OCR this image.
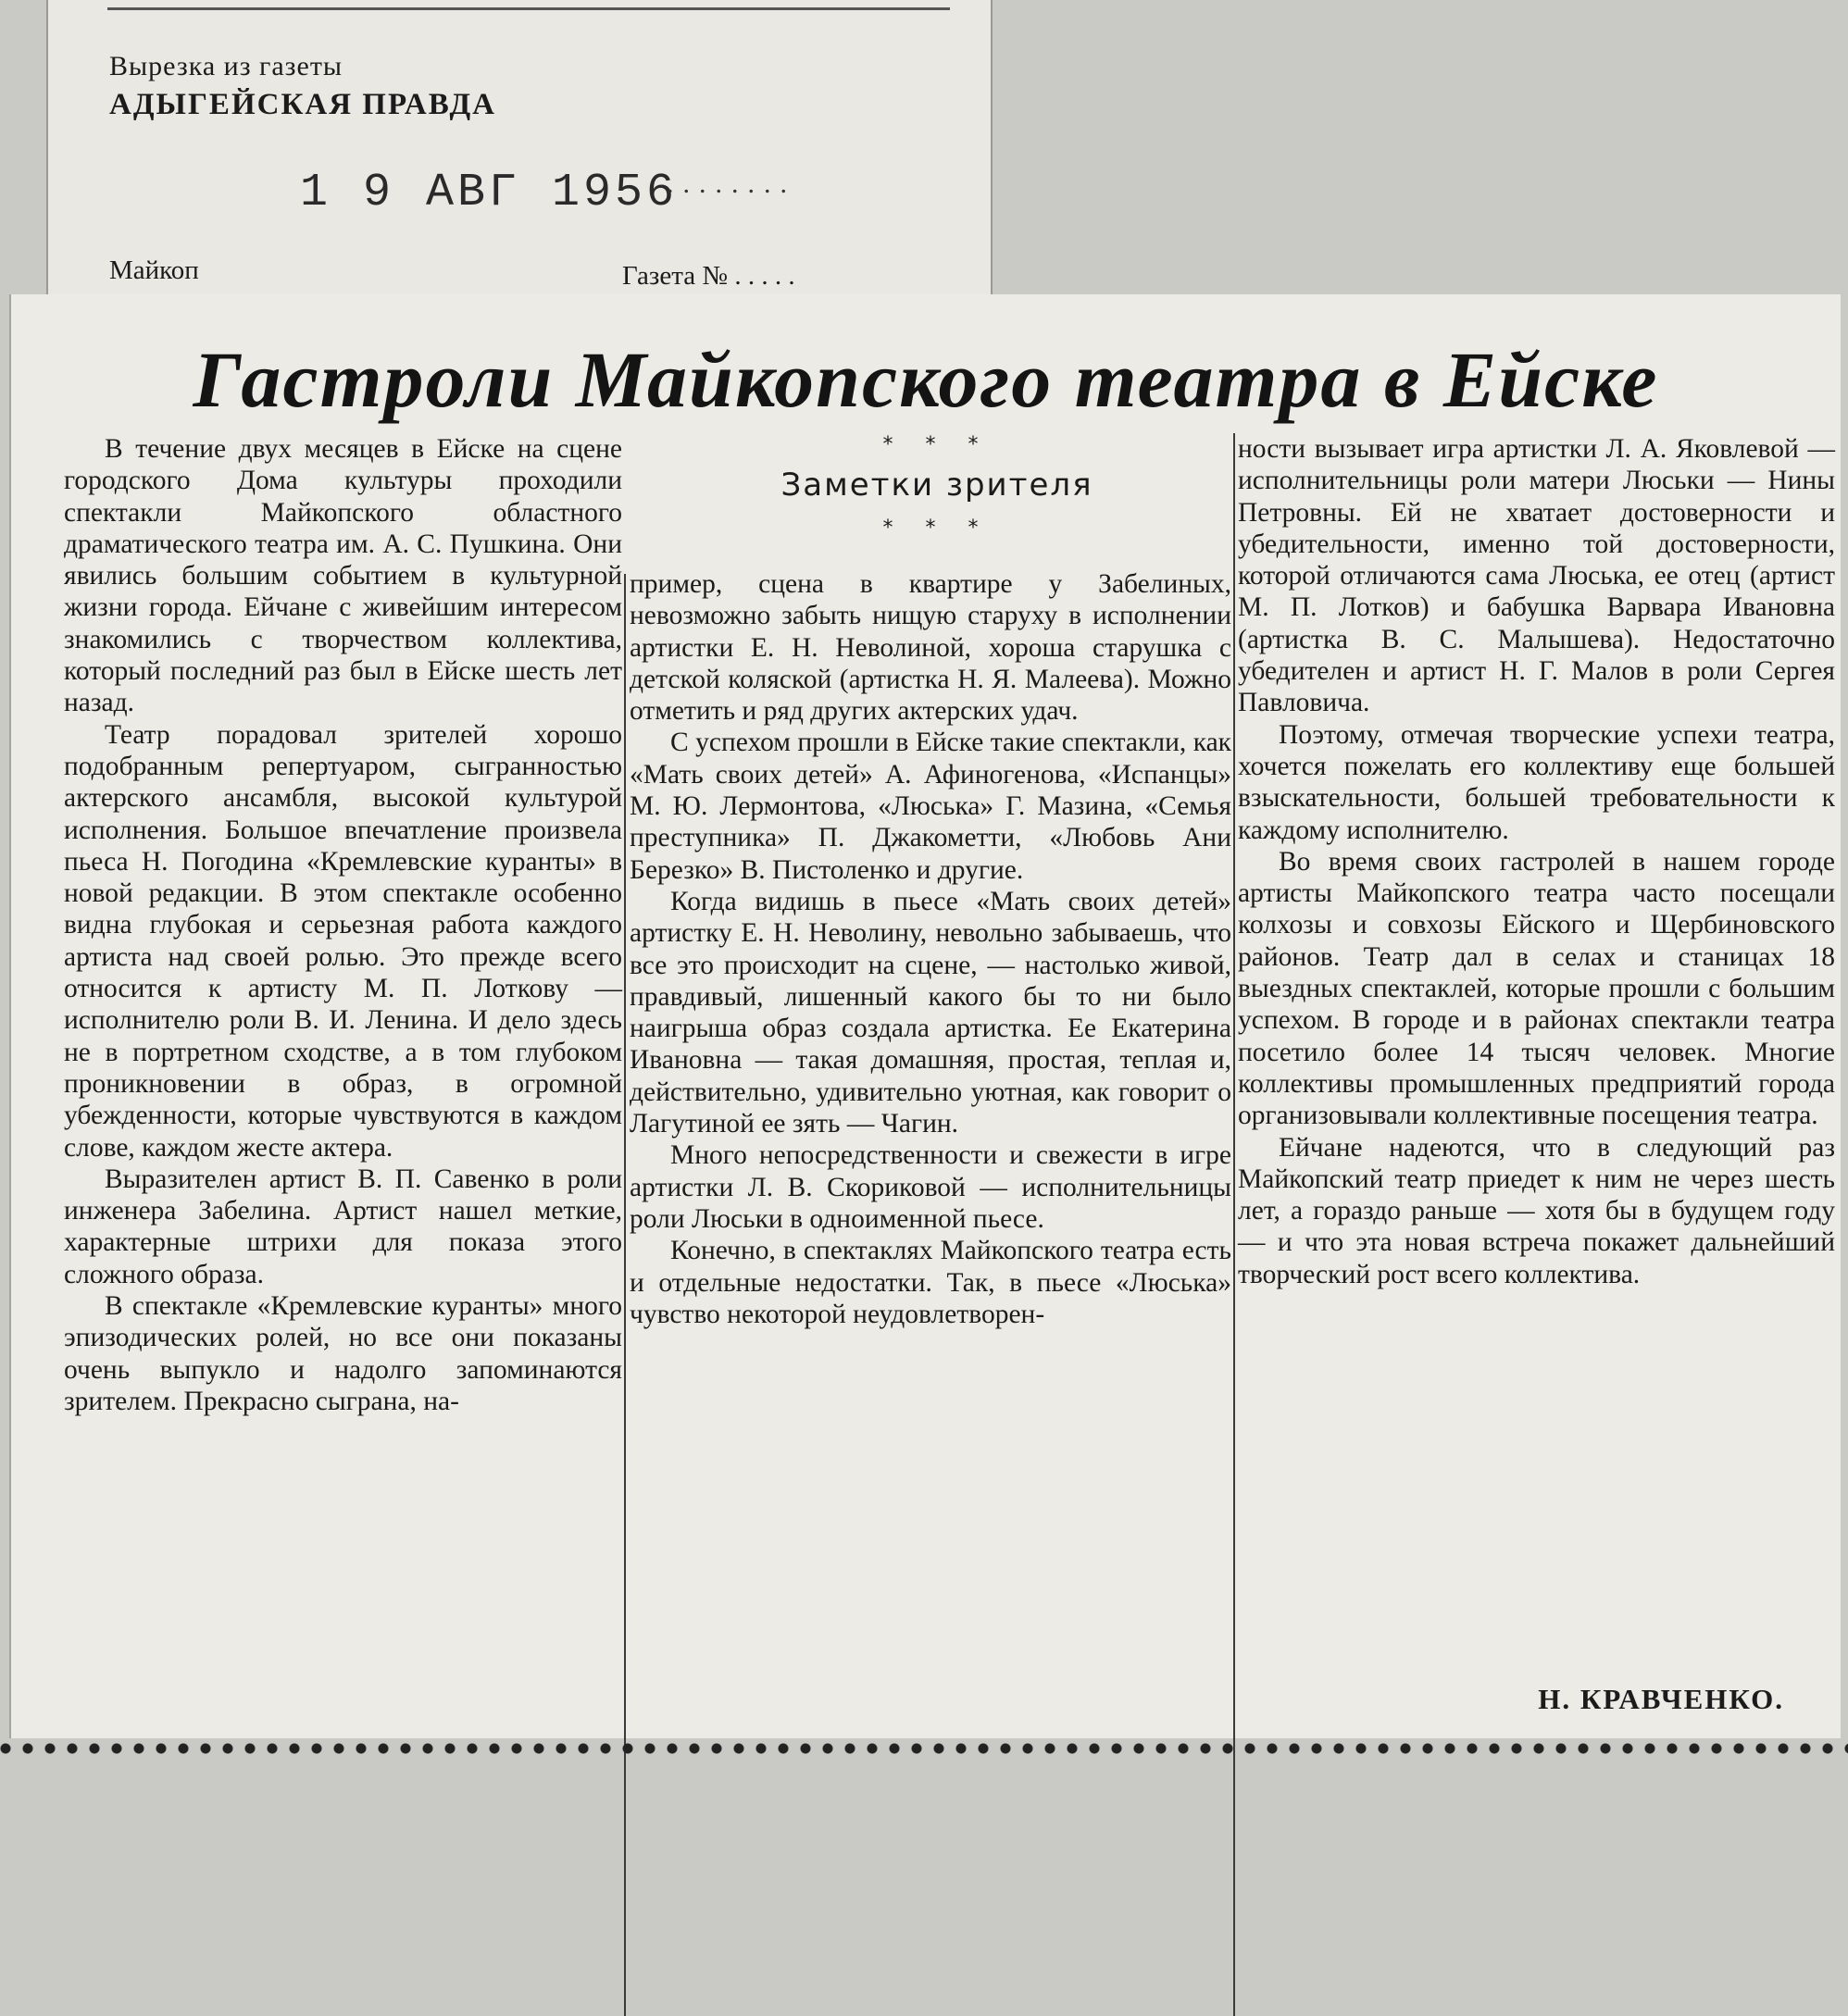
Вырезка из газеты
АДЫГЕЙСКАЯ ПРАВДА
1 9 АВГ 1956
........
Майкоп	Газета № . . . . .
Гастроли Майкопского театра в Ейске
* * *
Заметки зрителя
* * *

В течение двух месяцев в Ейске на сцене городского Дома культуры проходили спектакли Майкопского областного драматического театра им. А. С. Пушкина. Они явились большим событием в культурной жизни города. Ейчане с живейшим интересом знакомились с творчеством коллектива, который последний раз был в Ейске шесть лет назад.

Театр порадовал зрителей хорошо подобранным репертуаром, сыгранностью актерского ансамбля, высокой культурой исполнения. Большое впечатление произвела пьеса Н. Погодина «Кремлевские куранты» в новой редакции. В этом спектакле особенно видна глубокая и серьезная работа каждого артиста над своей ролью. Это прежде всего относится к артисту М. П. Лоткову — исполнителю роли В. И. Ленина. И дело здесь не в портретном сходстве, а в том глубоком проникновении в образ, в огромной убежденности, которые чувствуются в каждом слове, каждом жесте актера.

Выразителен артист В. П. Савенко в роли инженера Забелина. Артист нашел меткие, характерные штрихи для показа этого сложного образа.

В спектакле «Кремлевские куранты» много эпизодических ролей, но все они показаны очень выпукло и надолго запоминаются зрителем. Прекрасно сыграна, на-

пример, сцена в квартире у Забелиных, невозможно забыть нищую старуху в исполнении артистки Е. Н. Неволиной, хороша старушка с детской коляской (артистка Н. Я. Малеева). Можно отметить и ряд других актерских удач.

С успехом прошли в Ейске такие спектакли, как «Мать своих детей» А. Афиногенова, «Испанцы» М. Ю. Лермонтова, «Люська» Г. Мазина, «Семья преступника» П. Джакометти, «Любовь Ани Березко» В. Пистоленко и другие.

Когда видишь в пьесе «Мать своих детей» артистку Е. Н. Неволину, невольно забываешь, что все это происходит на сцене, — настолько живой, правдивый, лишенный какого бы то ни было наигрыша образ создала артистка. Ее Екатерина Ивановна — такая домашняя, простая, теплая и, действительно, удивительно уютная, как говорит о Лагутиной ее зять — Чагин.

Много непосредственности и свежести в игре артистки Л. В. Скориковой — исполнительницы роли Люськи в одноименной пьесе.

Конечно, в спектаклях Майкопского театра есть и отдельные недостатки. Так, в пьесе «Люська» чувство некоторой неудовлетворен-

ности вызывает игра артистки Л. А. Яковлевой — исполнительницы роли матери Люськи — Нины Петровны. Ей не хватает достоверности и убедительности, именно той достоверности, которой отличаются сама Люська, ее отец (артист М. П. Лотков) и бабушка Варвара Ивановна (артистка В. С. Малышева). Недостаточно убедителен и артист Н. Г. Малов в роли Сергея Павловича.

Поэтому, отмечая творческие успехи театра, хочется пожелать его коллективу еще большей взыскательности, большей требовательности к каждому исполнителю.

Во время своих гастролей в нашем городе артисты Майкопского театра часто посещали колхозы и совхозы Ейского и Щербиновского районов. Театр дал в селах и станицах 18 выездных спектаклей, которые прошли с большим успехом. В городе и в районах спектакли театра посетило более 14 тысяч человек. Многие коллективы промышленных предприятий города организовывали коллективные посещения театра.

Ейчане надеются, что в следующий раз Майкопский театр приедет к ним не через шесть лет, а гораздо раньше — хотя бы в будущем году — и что эта новая встреча покажет дальнейший творческий рост всего коллектива.

Н. КРАВЧЕНКО.
